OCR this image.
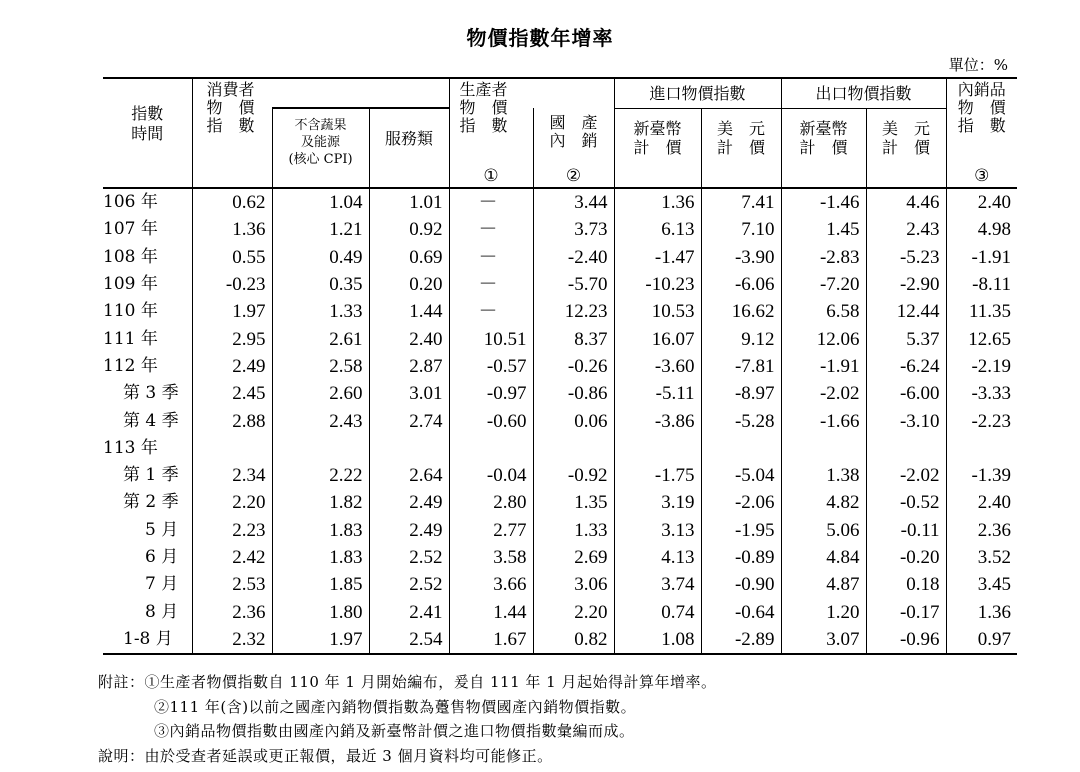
物價指數年增率
單位：%
指數
時間	消費者
物　價
指　數			生產者
物　價
指　數		進口物價指數		出口物價指數		內銷品
物　價
指　數
		不含蔬果
及能源
(核心 CPI)	服務類		國　產
內　銷	新臺幣
計　價	美　元
計　價	新臺幣
計　價	美　元
計　價	
				①	②					③
106 年	0.62	1.04	1.01	－	3.44	1.36	7.41	-1.46	4.46	2.40
107 年	1.36	1.21	0.92	－	3.73	6.13	7.10	1.45	2.43	4.98
108 年	0.55	0.49	0.69	－	-2.40	-1.47	-3.90	-2.83	-5.23	-1.91
109 年	-0.23	0.35	0.20	－	-5.70	-10.23	-6.06	-7.20	-2.90	-8.11
110 年	1.97	1.33	1.44	－	12.23	10.53	16.62	6.58	12.44	11.35
111 年	2.95	2.61	2.40	10.51	8.37	16.07	9.12	12.06	5.37	12.65
112 年	2.49	2.58	2.87	-0.57	-0.26	-3.60	-7.81	-1.91	-6.24	-2.19
第 3 季	2.45	2.60	3.01	-0.97	-0.86	-5.11	-8.97	-2.02	-6.00	-3.33
第 4 季	2.88	2.43	2.74	-0.60	0.06	-3.86	-5.28	-1.66	-3.10	-2.23
113 年										
第 1 季	2.34	2.22	2.64	-0.04	-0.92	-1.75	-5.04	1.38	-2.02	-1.39
第 2 季	2.20	1.82	2.49	2.80	1.35	3.19	-2.06	4.82	-0.52	2.40
5 月	2.23	1.83	2.49	2.77	1.33	3.13	-1.95	5.06	-0.11	2.36
6 月	2.42	1.83	2.52	3.58	2.69	4.13	-0.89	4.84	-0.20	3.52
7 月	2.53	1.85	2.52	3.66	3.06	3.74	-0.90	4.87	0.18	3.45
8 月	2.36	1.80	2.41	1.44	2.20	0.74	-0.64	1.20	-0.17	1.36
1-8 月	2.32	1.97	2.54	1.67	0.82	1.08	-2.89	3.07	-0.96	0.97
附註：①生產者物價指數自 110 年 1 月開始編布，爰自 111 年 1 月起始得計算年增率。
②111 年(含)以前之國產內銷物價指數為躉售物價國產內銷物價指數。
③內銷品物價指數由國產內銷及新臺幣計價之進口物價指數彙編而成。
說明：由於受查者延誤或更正報價，最近 3 個月資料均可能修正。
